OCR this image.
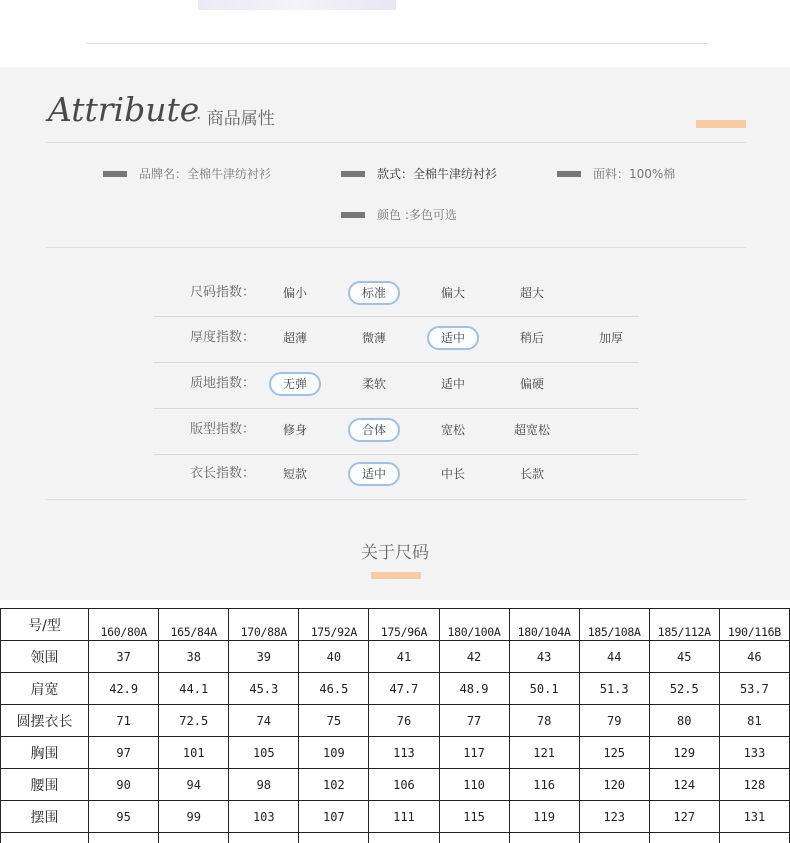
Attribute
· 商品属性
品牌名：全棉牛津纺衬衫	款式：全棉牛津纺衬衫	面料：100%棉
颜色 :多色可选
尺码指数：	偏小	标准	偏大	超大
厚度指数：	超薄	微薄	适中	稍后	加厚
质地指数：	无弹	柔软	适中	偏硬
版型指数：	修身	合体	宽松	超宽松
衣长指数：	短款	适中	中长	长款
关于尺码
号/型	160/80A	165/84A	170/88A	175/92A	175/96A	180/100A	180/104A	185/108A	185/112A	190/116B
领围	37	38	39	40	41	42	43	44	45	46
肩宽	42.9	44.1	45.3	46.5	47.7	48.9	50.1	51.3	52.5	53.7
圆摆衣长	71	72.5	74	75	76	77	78	79	80	81
胸围	97	101	105	109	113	117	121	125	129	133
腰围	90	94	98	102	106	110	116	120	124	128
摆围	95	99	103	107	111	115	119	123	127	131
